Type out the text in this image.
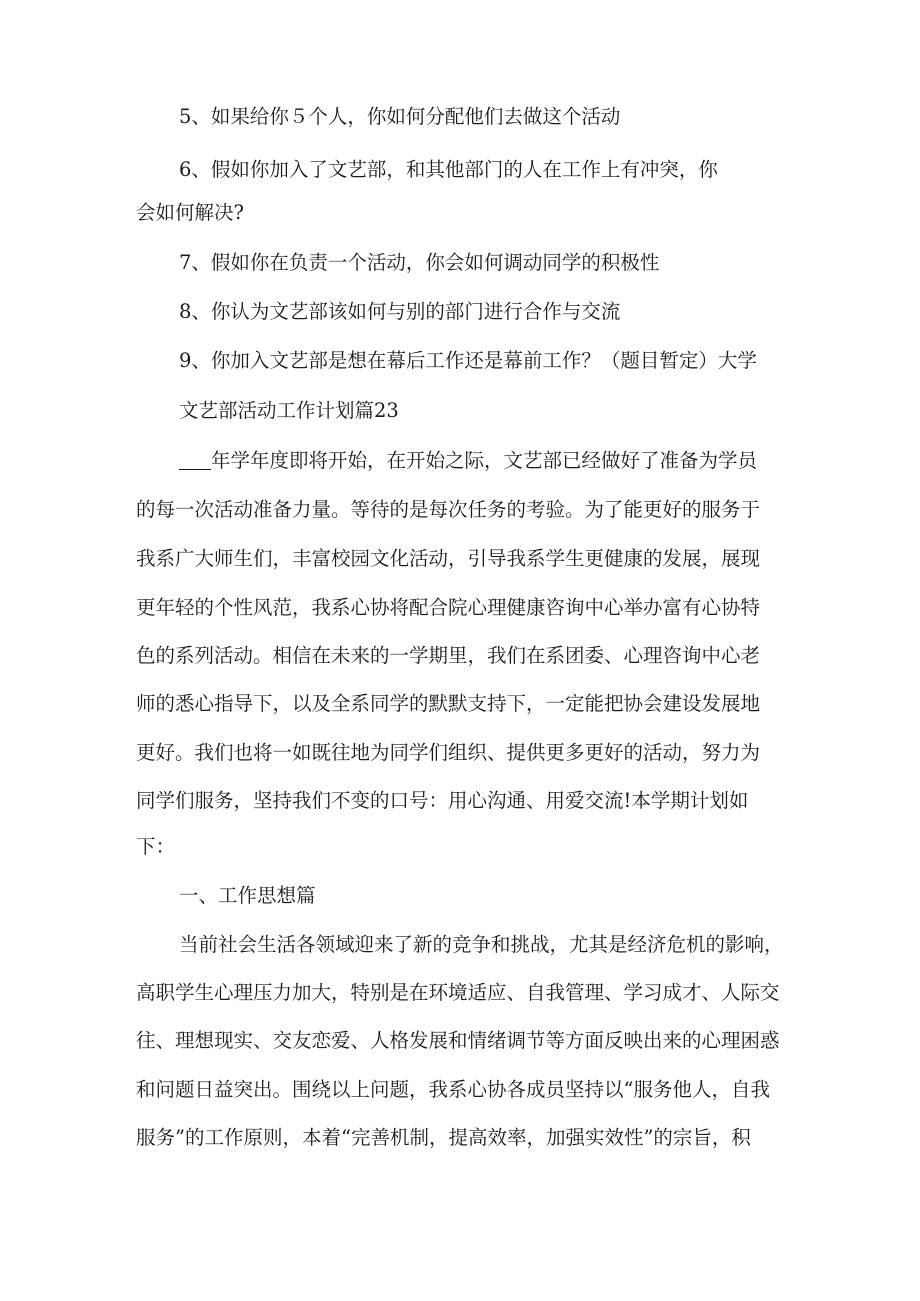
5、如果给你５个人，你如何分配他们去做这个活动

6、假如你加入了文艺部，和其他部门的人在工作上有冲突，你

会如何解决?

7、假如你在负责一个活动，你会如何调动同学的积极性

8、你认为文艺部该如何与别的部门进行合作与交流

9、你加入文艺部是想在幕后工作还是幕前工作？（题目暂定）大学

文艺部活动工作计划篇23

年学年度即将开始，在开始之际，文艺部已经做好了准备为学员

的每一次活动准备力量。等待的是每次任务的考验。为了能更好的服务于

我系广大师生们，丰富校园文化活动，引导我系学生更健康的发展，展现

更年轻的个性风范，我系心协将配合院心理健康咨询中心举办富有心协特

色的系列活动。相信在未来的一学期里，我们在系团委、心理咨询中心老

师的悉心指导下，以及全系同学的默默支持下，一定能把协会建设发展地

更好。我们也将一如既往地为同学们组织、提供更多更好的活动，努力为

同学们服务，坚持我们不变的口号：用心沟通、用爱交流!本学期计划如

下：

一、工作思想篇

当前社会生活各领域迎来了新的竞争和挑战，尤其是经济危机的影响，

高职学生心理压力加大，特别是在环境适应、自我管理、学习成才、人际交

往、理想现实、交友恋爱、人格发展和情绪调节等方面反映出来的心理困惑

和问题日益突出。围绕以上问题，我系心协各成员坚持以“服务他人，自我

服务”的工作原则，本着“完善机制，提高效率，加强实效性”的宗旨，积
